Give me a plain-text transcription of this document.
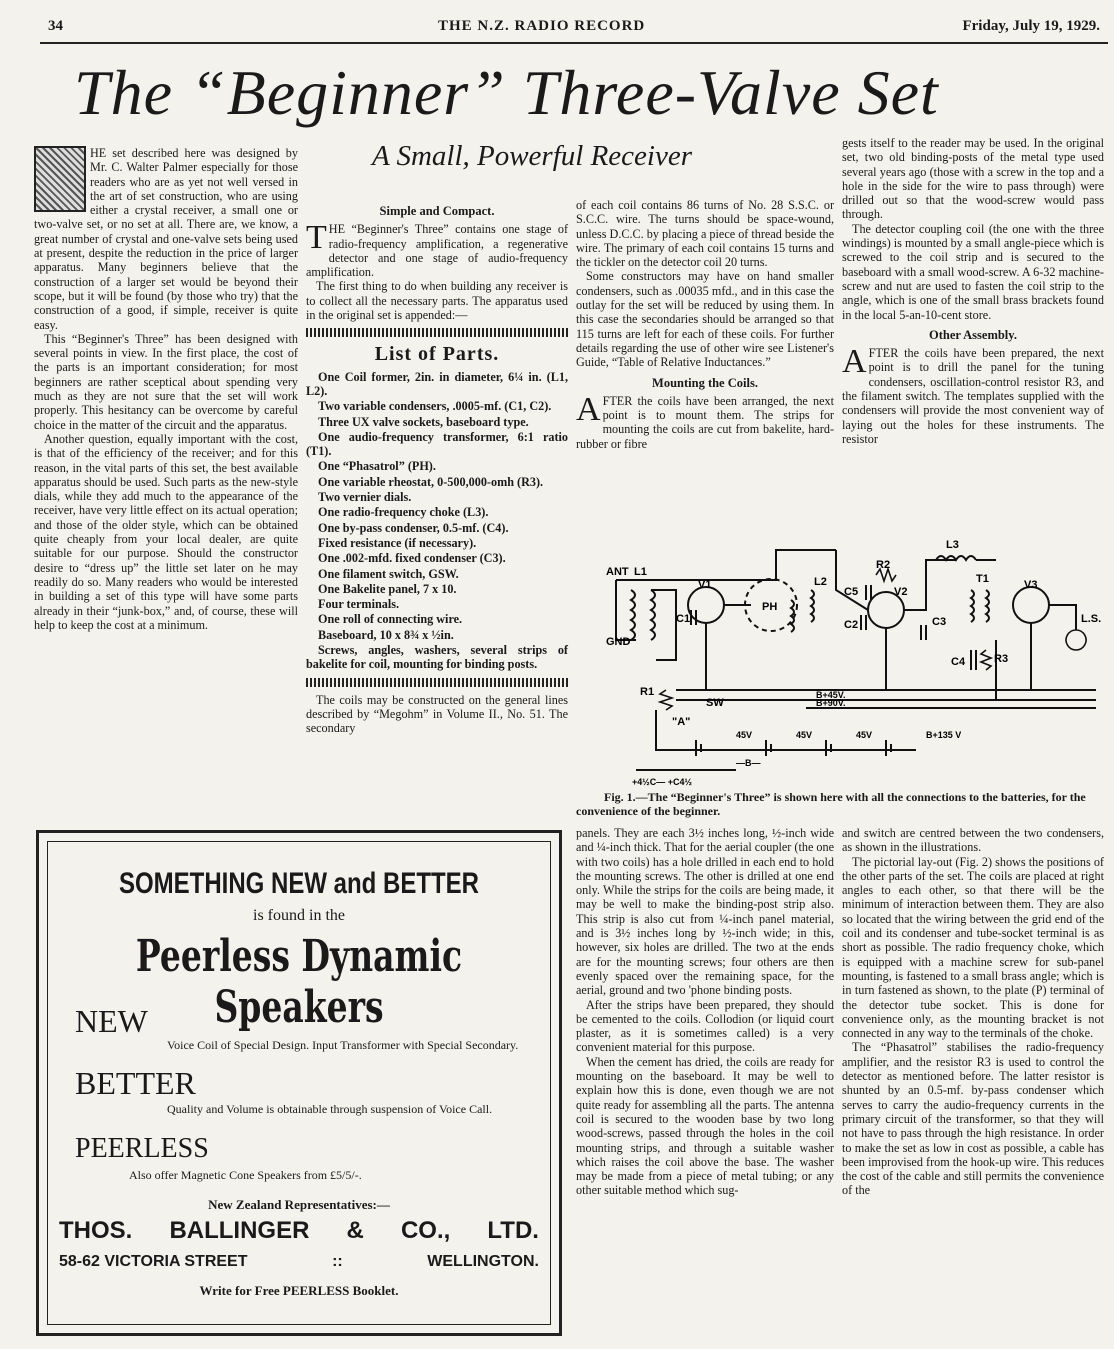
34	THE N.Z. RADIO RECORD	Friday, July 19, 1929.
The “Beginner” Three-Valve Set
A Small, Powerful Receiver

HE set described here was designed by Mr. C. Walter Palmer especially for those readers who are as yet not well versed in the art of set construction, who are using either a crystal receiver, a small one or two-valve set, or no set at all. There are, we know, a great number of crystal and one-valve sets being used at present, despite the reduction in the price of larger apparatus. Many beginners believe that the construction of a larger set would be beyond their scope, but it will be found (by those who try) that the construction of a good, if simple, receiver is quite easy.

This “Beginner's Three” has been designed with several points in view. In the first place, the cost of the parts is an important consideration; for most beginners are rather sceptical about spending very much as they are not sure that the set will work properly. This hesitancy can be overcome by careful choice in the matter of the circuit and the apparatus.

Another question, equally important with the cost, is that of the efficiency of the receiver; and for this reason, in the vital parts of this set, the best available apparatus should be used. Such parts as the new-style dials, while they add much to the appearance of the receiver, have very little effect on its actual operation; and those of the older style, which can be obtained quite cheaply from your local dealer, are quite suitable for our purpose. Should the constructor desire to “dress up” the little set later on he may readily do so. Many readers who would be interested in building a set of this type will have some parts already in their “junk-box,” and, of course, these will help to keep the cost at a minimum.

Simple and Compact.

THE “Beginner's Three” contains one stage of radio-frequency amplification, a regenerative detector and one stage of audio-frequency amplification.

The first thing to do when building any receiver is to collect all the necessary parts. The apparatus used in the original set is appended:—

List of Parts.

One Coil former, 2in. in diameter, 6¼ in. (L1, L2).

Two variable condensers, .0005-mf. (C1, C2).

Three UX valve sockets, baseboard type.

One audio-frequency transformer, 6:1 ratio (T1).

One “Phasatrol” (PH).

One variable rheostat, 0-500,000-omh (R3).

Two vernier dials.

One radio-frequency choke (L3).

One by-pass condenser, 0.5-mf. (C4).

Fixed resistance (if necessary).

One .002-mfd. fixed condenser (C3).

One filament switch, GSW.

One Bakelite panel, 7 x 10.

Four terminals.

One roll of connecting wire.

Baseboard, 10 x 8¾ x ½in.

Screws, angles, washers, several strips of bakelite for coil, mounting for binding posts.

The coils may be constructed on the general lines described by “Megohm” in Volume II., No. 51. The secondary

of each coil contains 86 turns of No. 28 S.S.C. or S.C.C. wire. The turns should be space-wound, unless D.C.C. by placing a piece of thread beside the wire. The primary of each coil contains 15 turns and the tickler on the detector coil 20 turns.

Some constructors may have on hand smaller condensers, such as .00035 mfd., and in this case the outlay for the set will be reduced by using them. In this case the secondaries should be arranged so that 115 turns are left for each of these coils. For further details regarding the use of other wire see Listener's Guide, “Table of Relative Inductances.”

Mounting the Coils.

AFTER the coils have been arranged, the next point is to mount them. The strips for mounting the coils are cut from bakelite, hard-rubber or fibre

gests itself to the reader may be used. In the original set, two old binding-posts of the metal type used several years ago (those with a screw in the top and a hole in the side for the wire to pass through) were drilled out so that the wood-screw would pass through.

The detector coupling coil (the one with the three windings) is mounted by a small angle-piece which is screwed to the coil strip and is secured to the baseboard with a small wood-screw. A 6-32 machine-screw and nut are used to fasten the coil strip to the angle, which is one of the small brass brackets found in the local 5-an-10-cent store.

Other Assembly.

AFTER the coils have been prepared, the next point is to drill the panel for the tuning condensers, oscillation-control resistor R3, and the filament switch. The templates supplied with the condensers will provide the most convenient way of laying out the holes for these instruments. The resistor

ANT L1
GND
V1
PH
C1
L2
C5
R2
V2
C2	C3
L3
T1	V3
L.S.
C4	R3
R1
SW
"A"
B+45V.
B+90V.
B+135 V
45V	45V	45V
—B—
+4½C— +C4½
Fig. 1.—The “Beginner's Three” is shown here with all the connections to the batteries, for the convenience of the beginner.

panels. They are each 3½ inches long, ½-inch wide and ¼-inch thick. That for the aerial coupler (the one with two coils) has a hole drilled in each end to hold the mounting screws. The other is drilled at one end only. While the strips for the coils are being made, it may be well to make the binding-post strip also. This strip is also cut from ¼-inch panel material, and is 3½ inches long by ½-inch wide; in this, however, six holes are drilled. The two at the ends are for the mounting screws; four others are then evenly spaced over the remaining space, for the aerial, ground and two 'phone binding posts.

After the strips have been prepared, they should be cemented to the coils. Collodion (or liquid court plaster, as it is sometimes called) is a very convenient material for this purpose.

When the cement has dried, the coils are ready for mounting on the baseboard. It may be well to explain how this is done, even though we are not quite ready for assembling all the parts. The antenna coil is secured to the wooden base by two long wood-screws, passed through the holes in the coil mounting strips, and through a suitable washer which raises the coil above the base. The washer may be made from a piece of metal tubing; or any other suitable method which sug-

and switch are centred between the two condensers, as shown in the illustrations.

The pictorial lay-out (Fig. 2) shows the positions of the other parts of the set. The coils are placed at right angles to each other, so that there will be the minimum of interaction between them. They are also so located that the wiring between the grid end of the coil and its condenser and tube-socket terminal is as short as possible. The radio frequency choke, which is equipped with a machine screw for sub-panel mounting, is fastened to a small brass angle; which is in turn fastened as shown, to the plate (P) terminal of the detector tube socket. This is done for convenience only, as the mounting bracket is not connected in any way to the terminals of the choke.

The “Phasatrol” stabilises the radio-frequency amplifier, and the resistor R3 is used to control the detector as mentioned before. The latter resistor is shunted by an 0.5-mf. by-pass condenser which serves to carry the audio-frequency currents in the primary circuit of the transformer, so that they will not have to pass through the high resistance. In order to make the set as low in cost as possible, a cable has been improvised from the hook-up wire. This reduces the cost of the cable and still permits the convenience of the

SOMETHING NEW and BETTER
is found in the
Peerless Dynamic Speakers
NEW
Voice Coil of Special Design. Input Transformer with Special Secondary.
BETTER
Quality and Volume is obtainable through suspension of Voice Call.
PEERLESS
Also offer Magnetic Cone Speakers from £5/5/-.
New Zealand Representatives:—
THOS. BALLINGER & CO., LTD.
58-62 VICTORIA STREET	::	WELLINGTON.
Write for Free PEERLESS Booklet.
